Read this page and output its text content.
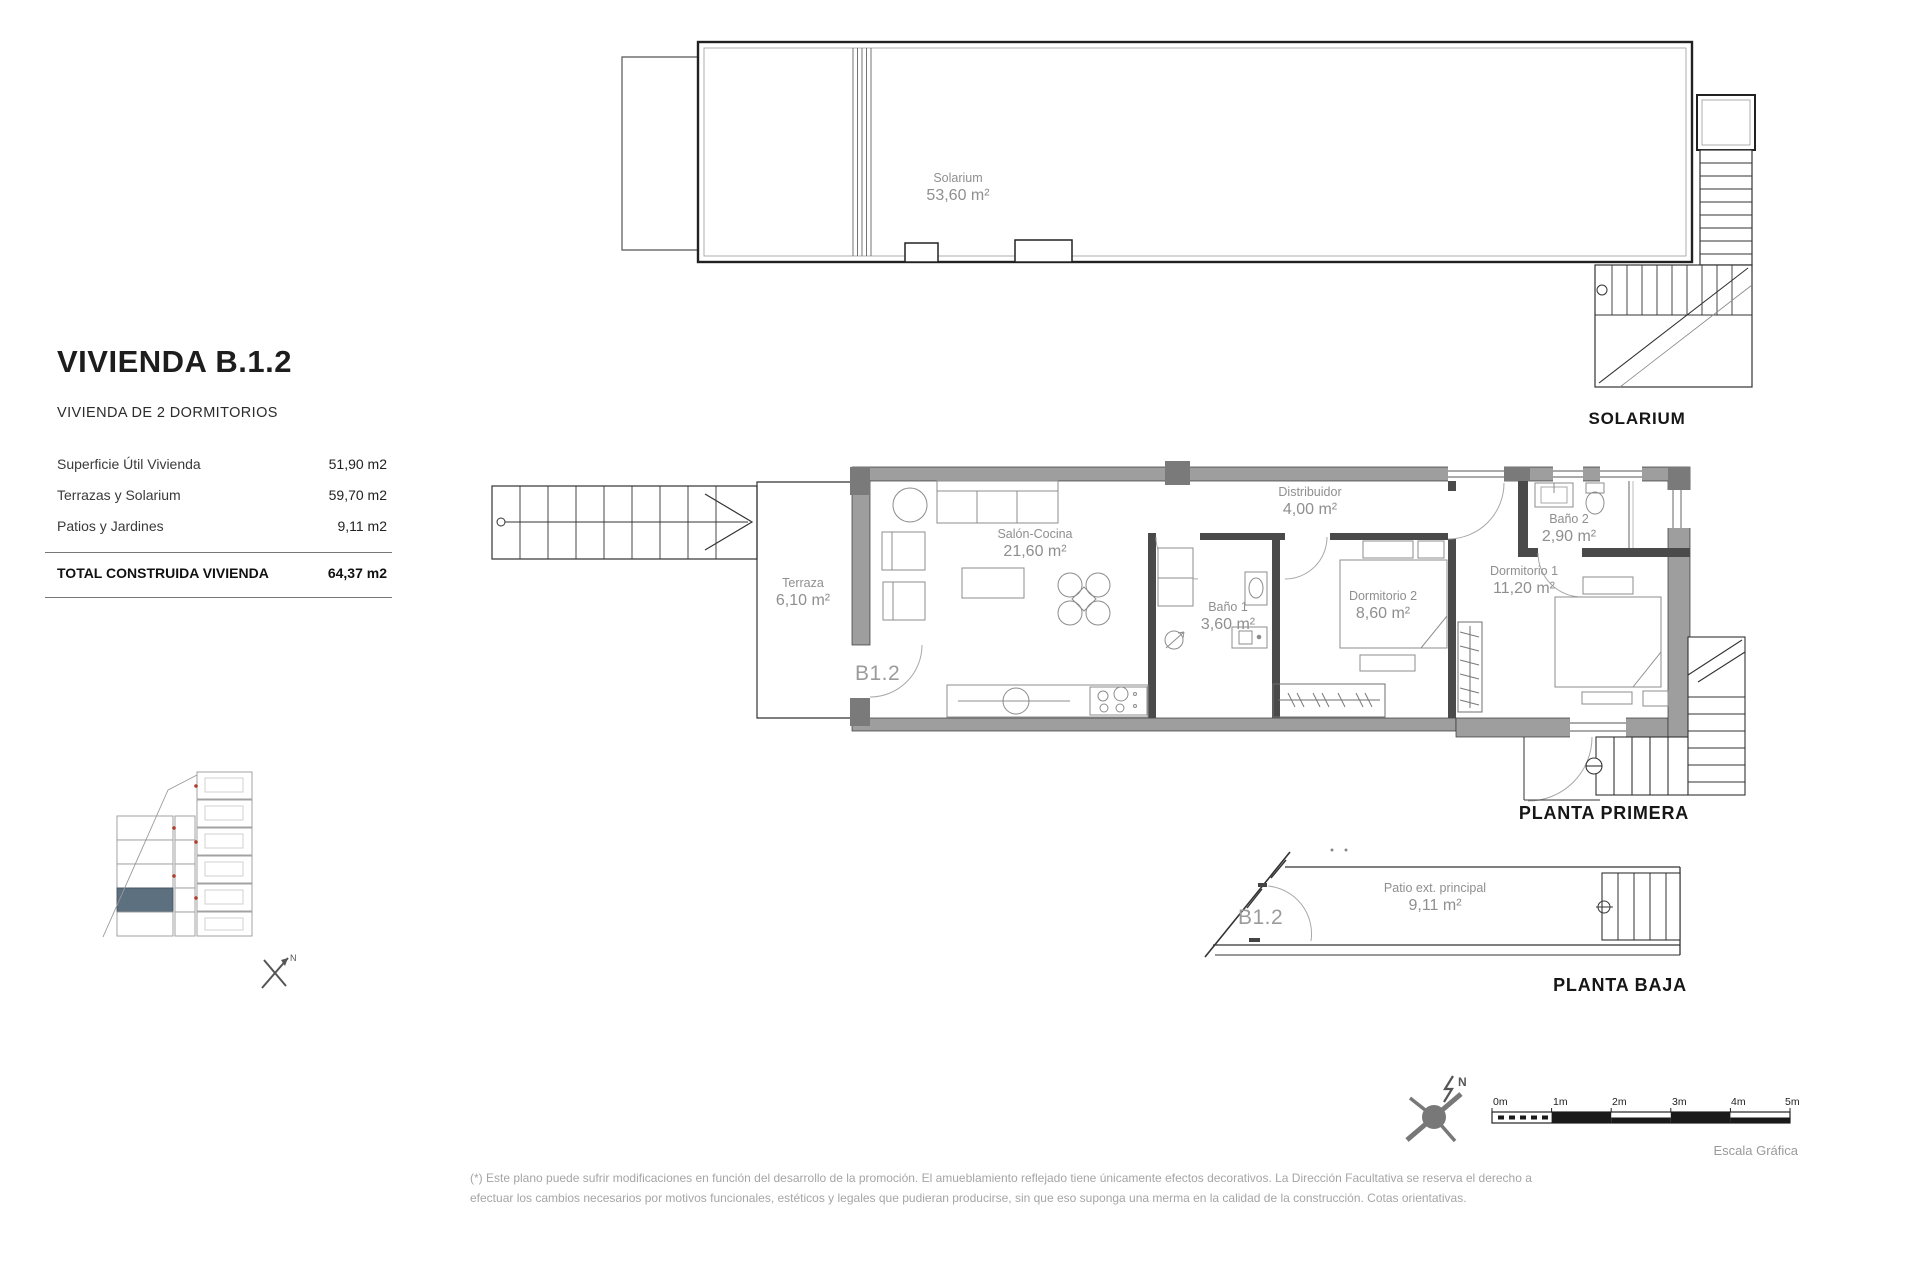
N
N
0m	1m	2m	3m	4m	5m
VIVIENDA B.1.2
VIVIENDA DE 2 DORMITORIOS
Superficie Útil Vivienda	51,90 m2
Terrazas y Solarium	59,70 m2
Patios y Jardines	9,11 m2
TOTAL CONSTRUIDA VIVIENDA	64,37 m2
Solarium
53,60 m²
Terraza
6,10 m²
Salón-Cocina
21,60 m²
Baño 1
3,60 m²
Distribuidor
4,00 m²
Dormitorio 2
8,60 m²
Baño 2
2,90 m²
Dormitorio 1
11,20 m²
Patio ext. principal
9,11 m²
B1.2
B1.2
SOLARIUM
PLANTA PRIMERA
PLANTA BAJA
Escala Gráfica
(*) Este plano puede sufrir modificaciones en función del desarrollo de la promoción. El amueblamiento reflejado tiene únicamente efectos decorativos. La Dirección Facultativa se reserva el derecho a
efectuar los cambios necesarios por motivos funcionales, estéticos y legales que pudieran producirse, sin que eso suponga una merma en la calidad de la construcción. Cotas orientativas.
